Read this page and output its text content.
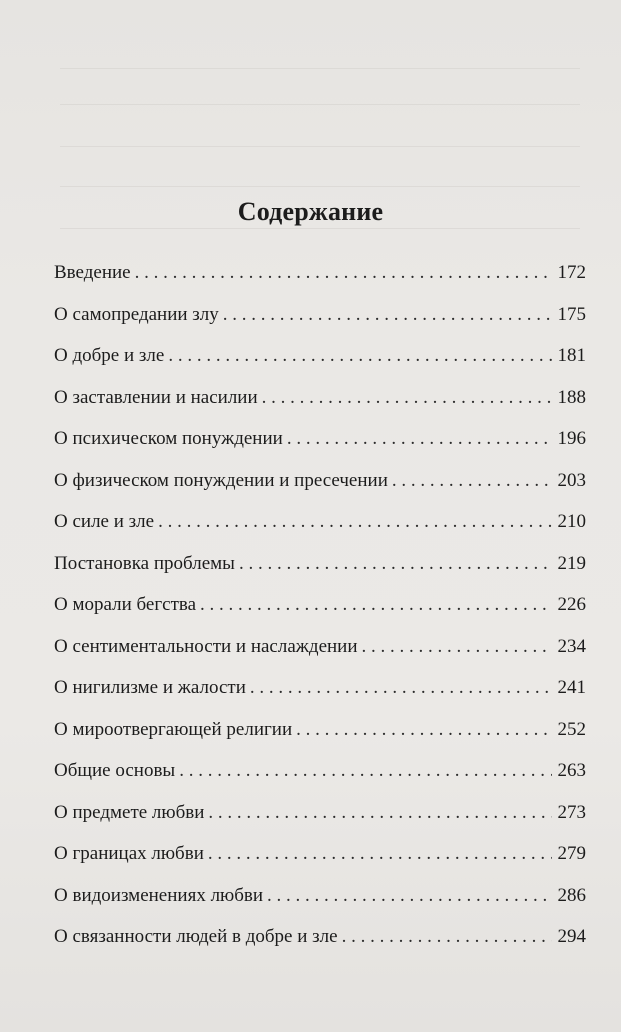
Содержание
Введение . . .	172
О самопредании злу . . .	175
О добре и зле . . .	181
О заставлении и насилии . . .	188
О психическом понуждении . . .	196
О физическом понуждении и пресечении . . .	203
О силе и зле . . .	210
Постановка проблемы . . .	219
О морали бегства . . .	226
О сентиментальности и наслаждении . . .	234
О нигилизме и жалости . . .	241
О мироотвергающей религии . . .	252
Общие основы . . .	263
О предмете любви . . .	273
О границах любви . . .	279
О видоизменениях любви . . .	286
О связанности людей в добре и зле . . .	294
